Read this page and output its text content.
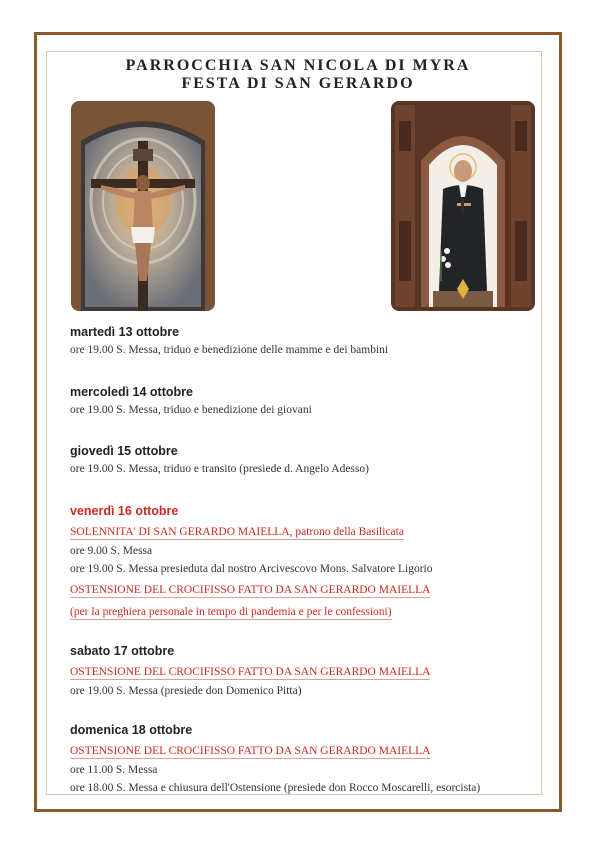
PARROCCHIA SAN NICOLA DI MYRA
FESTA DI SAN GERARDO

martedì 13 ottobre

ore 19.00 S. Messa, triduo e benedizione delle mamme e dei bambini

mercoledì 14 ottobre

ore 19.00 S. Messa, triduo e benedizione dei giovani

giovedì 15 ottobre

ore 19.00 S. Messa, triduo e transito (presiede d. Angelo Adesso)

venerdì 16 ottobre

SOLENNITA' DI SAN GERARDO MAIELLA, patrono della Basilicata

ore 9.00 S. Messa

ore 19.00 S. Messa presieduta dal nostro Arcivescovo Mons. Salvatore Ligorio

OSTENSIONE DEL CROCIFISSO FATTO DA SAN GERARDO MAIELLA

(per la preghiera personale in tempo di pandemia e per le confessioni)

sabato 17 ottobre

OSTENSIONE DEL CROCIFISSO FATTO DA SAN GERARDO MAIELLA

ore 19.00 S. Messa (presiede don Domenico Pitta)

domenica 18 ottobre

OSTENSIONE DEL CROCIFISSO FATTO DA SAN GERARDO MAIELLA

ore 11.00 S. Messa

ore 18.00 S. Messa e chiusura dell'Ostensione (presiede don Rocco Moscarelli, esorcista)
